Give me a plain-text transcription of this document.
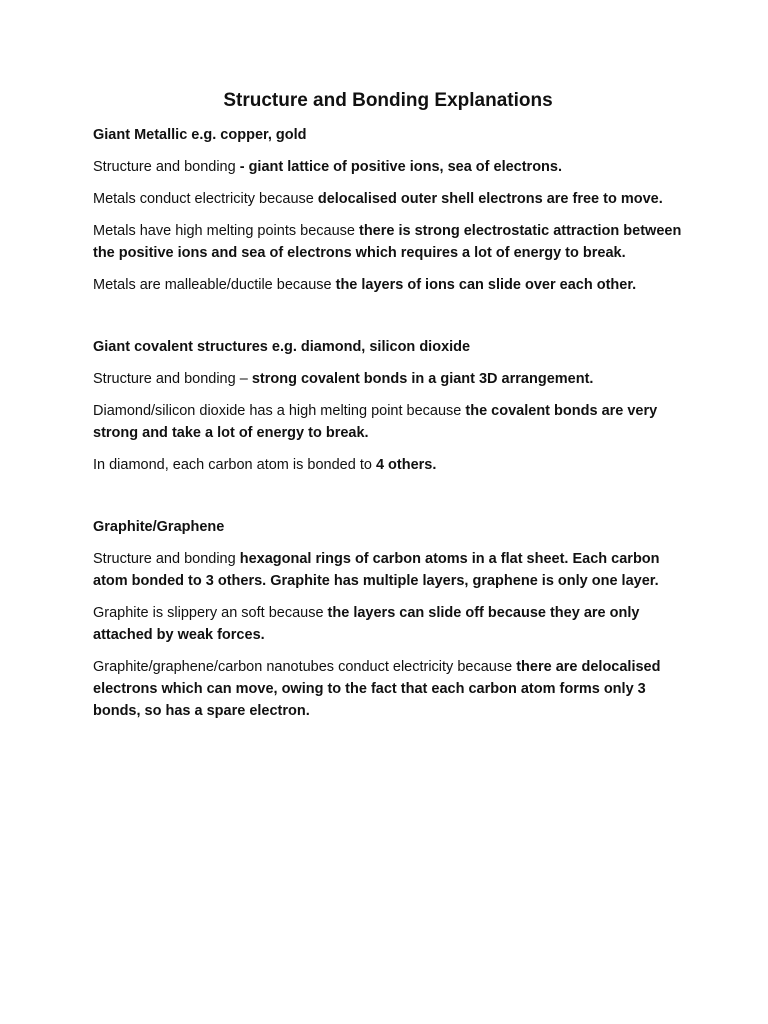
Structure and Bonding Explanations
Giant Metallic e.g. copper, gold

Structure and bonding - giant lattice of positive ions, sea of electrons.

Metals conduct electricity because delocalised outer shell electrons are free to move.

Metals have high melting points because there is strong electrostatic attraction between the positive ions and sea of electrons which requires a lot of energy to break.

Metals are malleable/ductile because the layers of ions can slide over each other.

Giant covalent structures e.g. diamond, silicon dioxide

Structure and bonding – strong covalent bonds in a giant 3D arrangement.

Diamond/silicon dioxide has a high melting point because the covalent bonds are very strong and take a lot of energy to break.

In diamond, each carbon atom is bonded to 4 others.

Graphite/Graphene

Structure and bonding hexagonal rings of carbon atoms in a flat sheet. Each carbon atom bonded to 3 others. Graphite has multiple layers, graphene is only one layer.

Graphite is slippery an soft because the layers can slide off because they are only attached by weak forces.

Graphite/graphene/carbon nanotubes conduct electricity because there are delocalised electrons which can move, owing to the fact that each carbon atom forms only 3 bonds, so has a spare electron.
